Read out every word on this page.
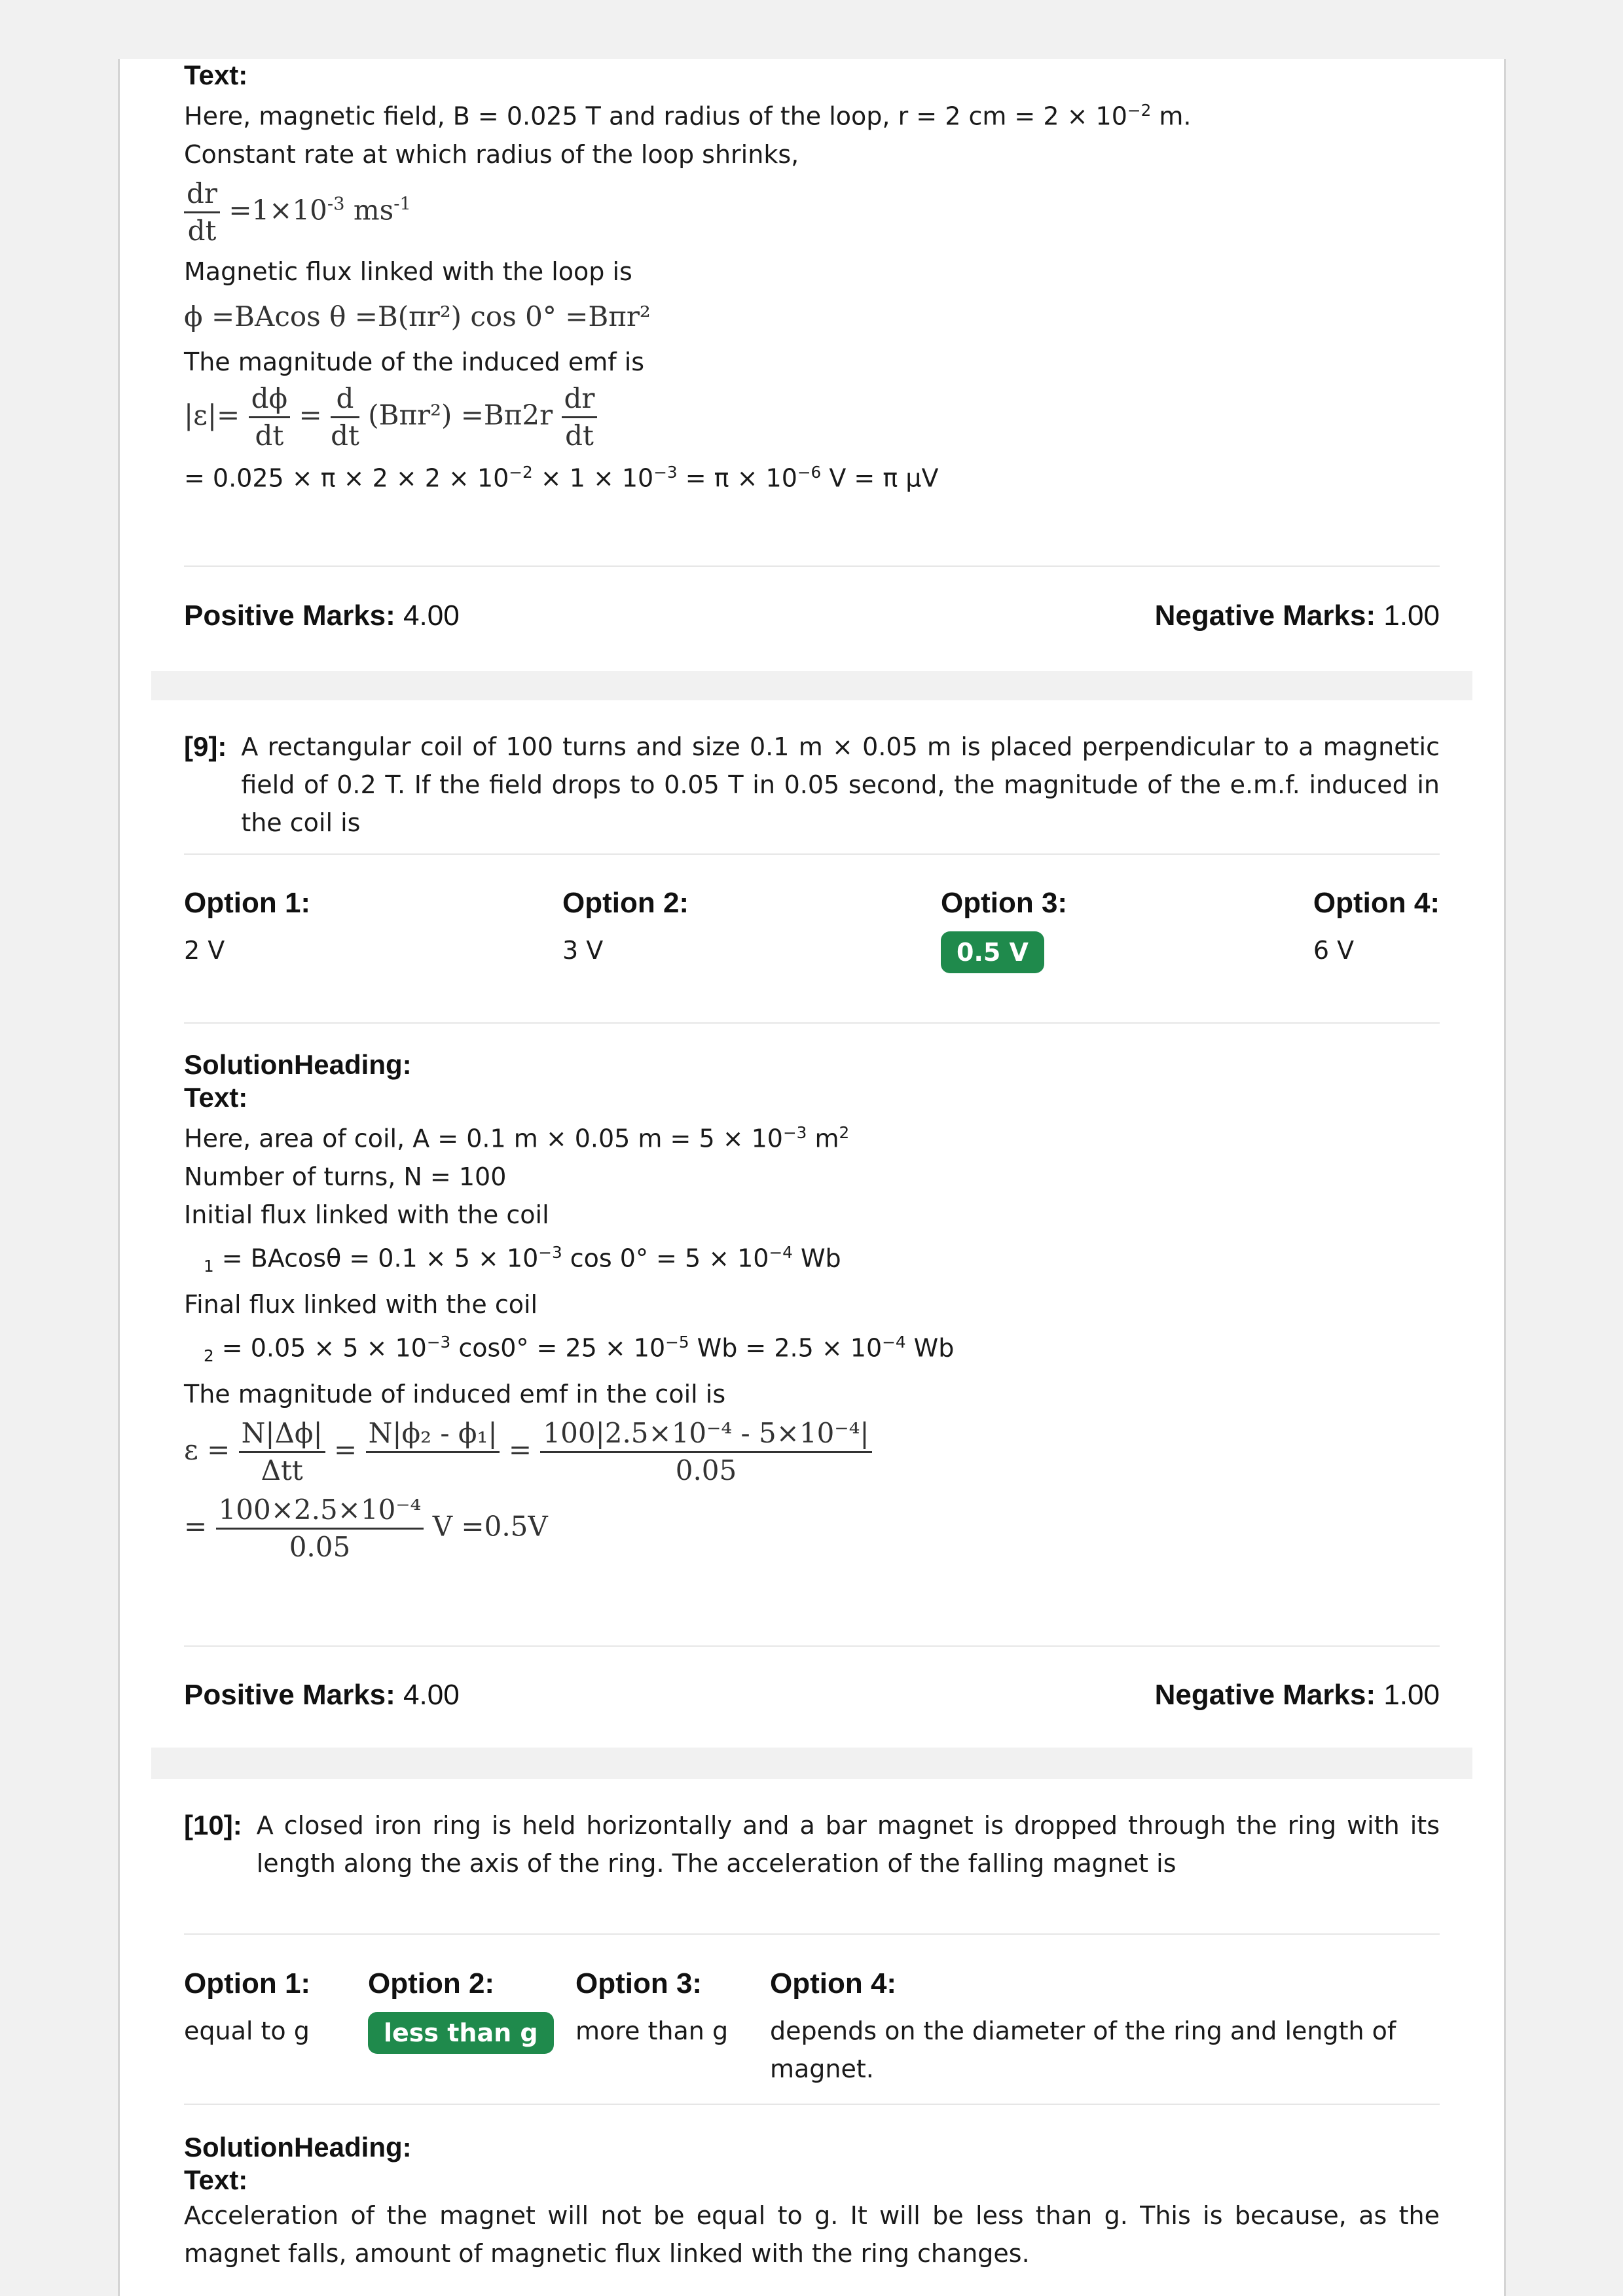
Text:
Here, magnetic field, B = 0.025 T and radius of the loop, r = 2 cm = $2 \times 10^{-2}$ m.
Constant rate at which radius of the loop shrinks,
$\frac{dr}{dt} =1\times 10^{-3}$ $ms^{-1}$
Magnetic flux linked with the loop is
ϕ =BAcos θ =B(πr²) cos 0° =Bπr²
The magnitude of the induced emf is
$|\varepsilon|= \frac{d\phi}{dt} = \frac{d}{dt} (B\pi r^2) =B\pi 2r \frac{dr}{dt}$
= $0.025 \times \pi \times 2 \times 2 \times 10^{-2} \times 1 \times 10^{-3} = \pi \times 10^{-6}$ V = π μV
Positive Marks: 4.00	Negative Marks: 1.00
[9]: A rectangular coil of 100 turns and size 0.1 m × 0.05 m is placed perpendicular to a magnetic field of 0.2 T. If the field drops to 0.05 T in 0.05 second, the magnitude of the e.m.f. induced in the coil is
Option 1:
2 V
Option 2:
3 V
Option 3:
0.5 V
Option 4:
6 V
SolutionHeading:
Text:
Here, area of coil, A = 0.1 m × 0.05 $m = 5 \times 10^{-3}$ $m^2$
Number of turns, N = 100
Initial flux linked with the coil
$_1 = BAcos\theta = 0.1 \times 5 \times 10^{-3}$ $\cos 0^\circ = 5 \times 10^{-4}$ Wb
Final flux linked with the coil
$_2 = 0.05 \times 5 \times 10^{-3}$ $\cos 0^\circ = 25 \times 10^{-5}$ $Wb = 2.5 \times 10^{-4}$ Wb
The magnitude of induced emf in the coil is
$\varepsilon = \frac{N|\Delta\phi|}{\text{Δtt}}$ =
N|ϕ₂ - ϕ₁|

= $\frac{\text{100|2.5×10⁻⁴ - 5×10⁻⁴|}}{0.05}$
= $\frac{\text{100×2.5×10⁻⁴}}{0.05}$ V =0.5V
Positive Marks: 4.00	Negative Marks: 1.00
[10]: A closed iron ring is held horizontally and a bar magnet is dropped through the ring with its length along the axis of the ring. The acceleration of the falling magnet is
Option 1:
equal to g
Option 2:
less than g
Option 3:
more than g
Option 4:
depends on the diameter of the ring and length of magnet.
SolutionHeading:
Text:
Acceleration of the magnet will not be equal to g. It will be less than g. This is because, as the magnet falls, amount of magnetic flux linked with the ring changes.
